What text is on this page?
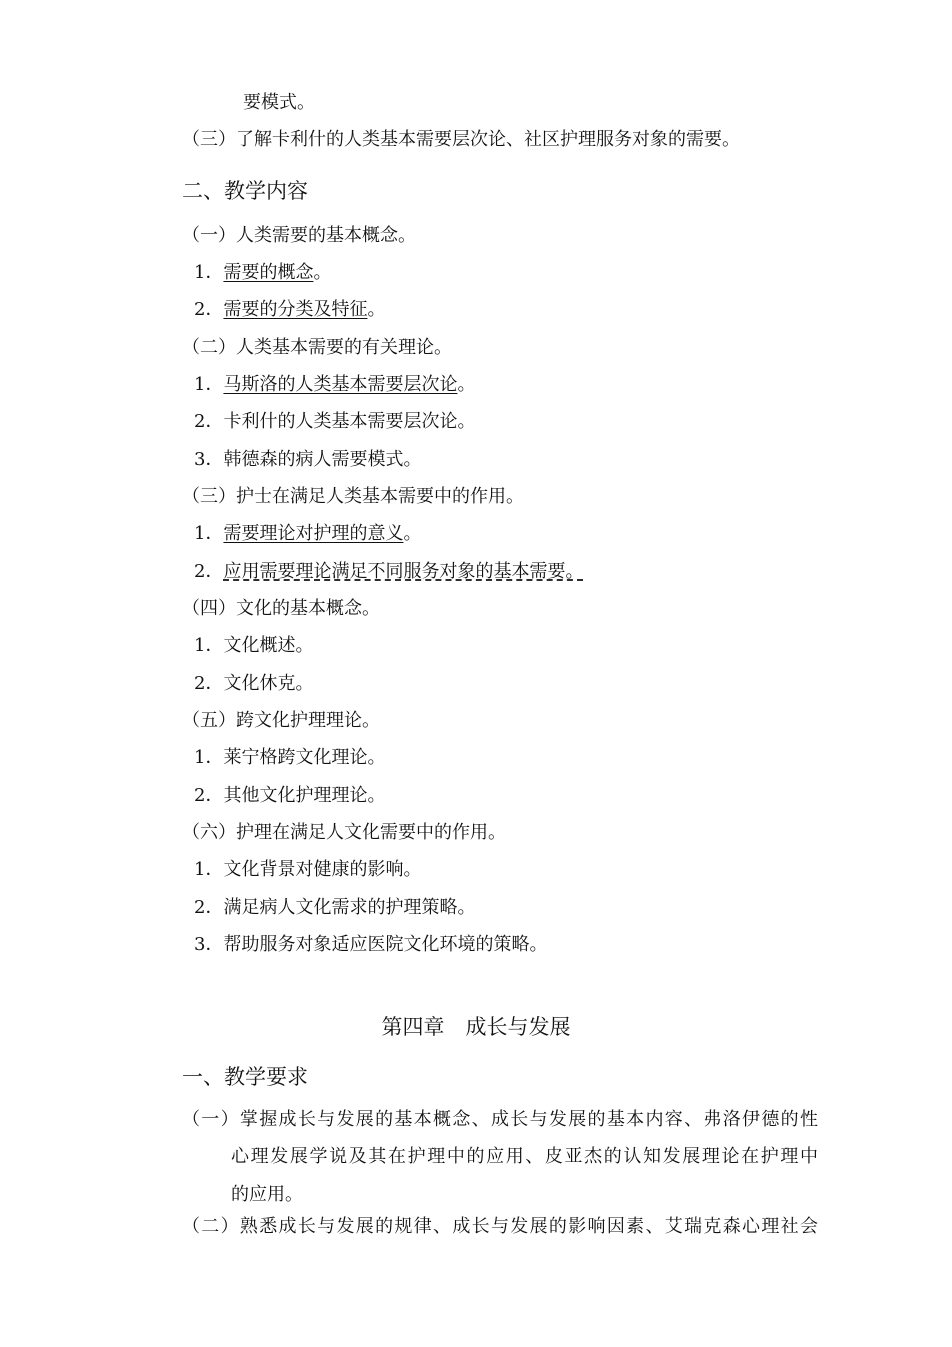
要模式。
（三）了解卡利什的人类基本需要层次论、社区护理服务对象的需要。
二、教学内容
（一）人类需要的基本概念。
1．需要的概念。
2．需要的分类及特征。
（二）人类基本需要的有关理论。
1．马斯洛的人类基本需要层次论。
2．卡利什的人类基本需要层次论。
3．韩德森的病人需要模式。
（三）护士在满足人类基本需要中的作用。
1．需要理论对护理的意义。
2．应用需要理论满足不同服务对象的基本需要。
（四）文化的基本概念。
1．文化概述。
2．文化休克。
（五）跨文化护理理论。
1．莱宁格跨文化理论。
2．其他文化护理理论。
（六）护理在满足人文化需要中的作用。
1．文化背景对健康的影响。
2．满足病人文化需求的护理策略。
3．帮助服务对象适应医院文化环境的策略。
第四章　成长与发展
一、教学要求
（一）掌握成长与发展的基本概念、成长与发展的基本内容、弗洛伊德的性
心理发展学说及其在护理中的应用、皮亚杰的认知发展理论在护理中
的应用。
（二）熟悉成长与发展的规律、成长与发展的影响因素、艾瑞克森心理社会
